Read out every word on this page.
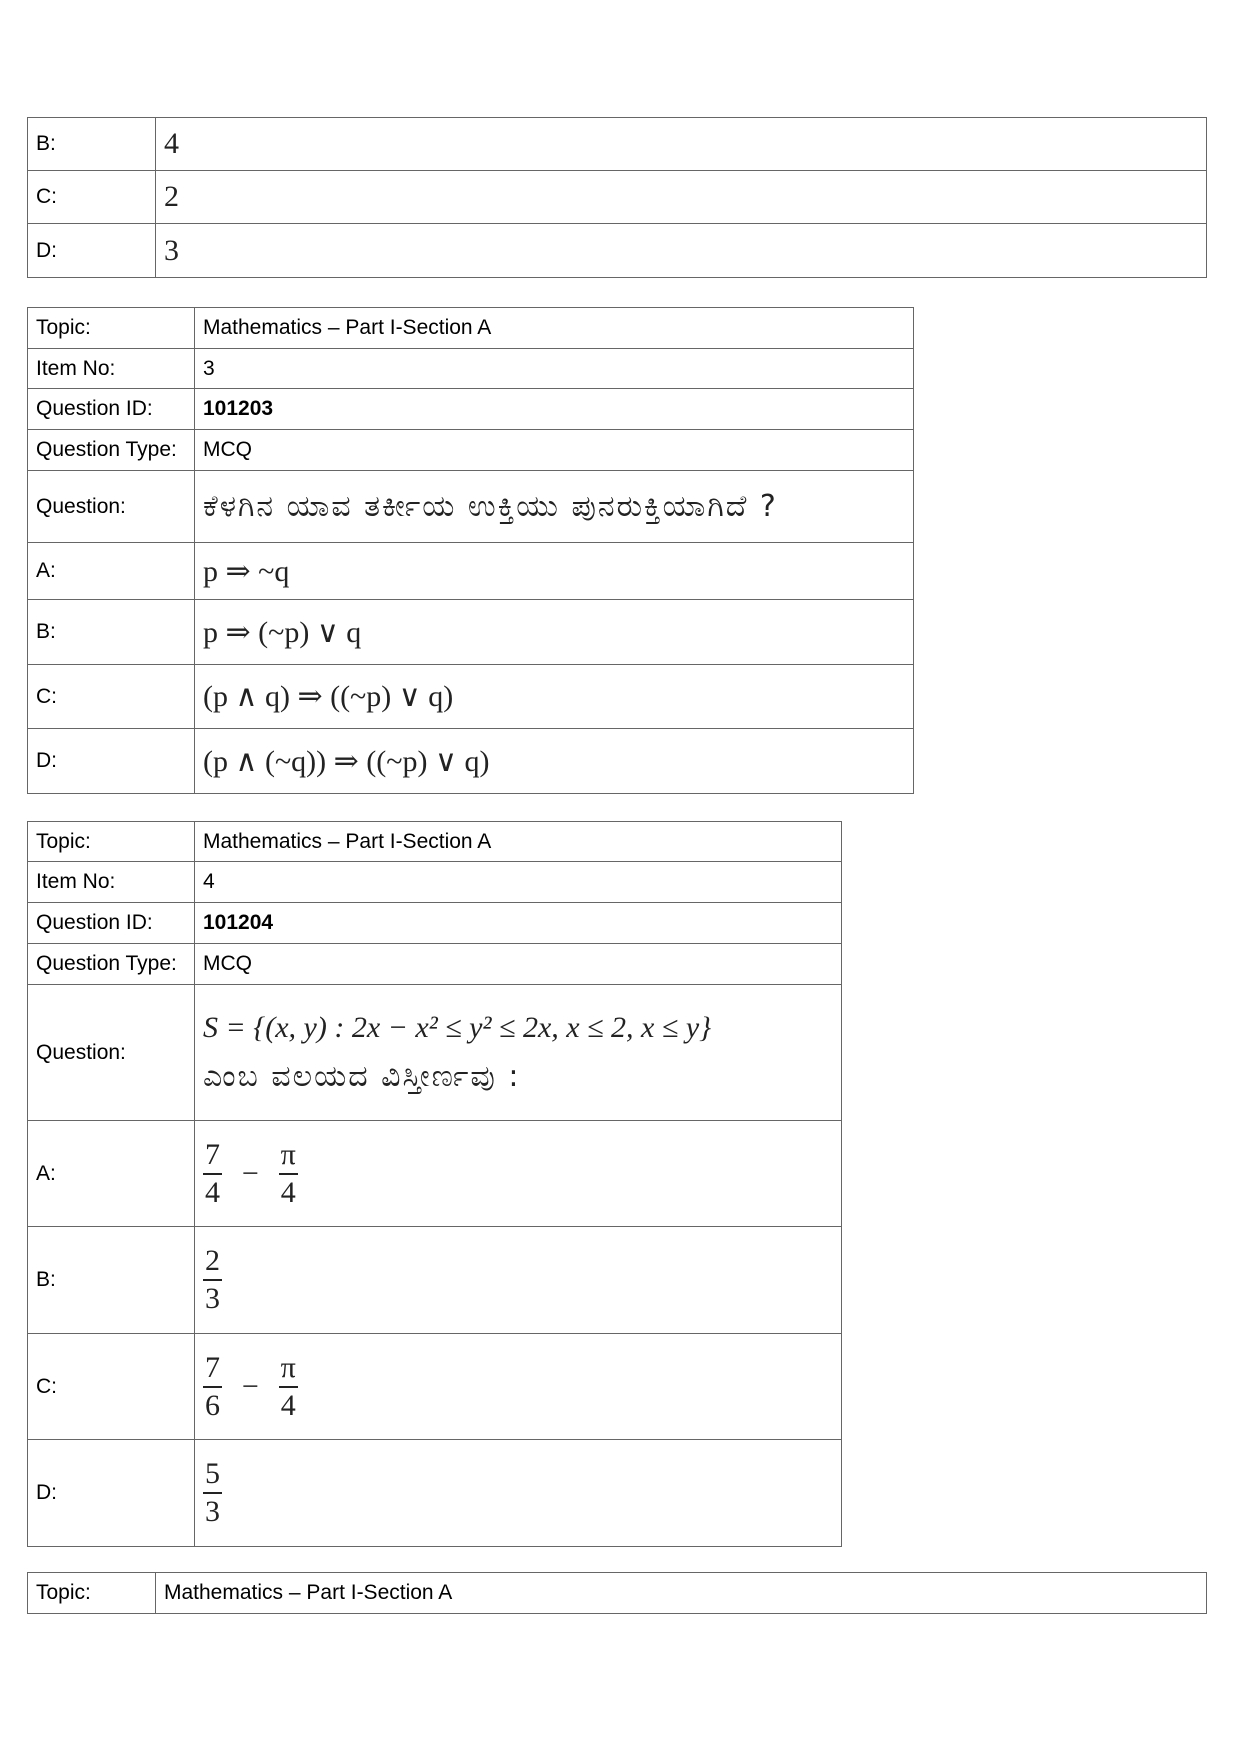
B:	4
C:	2
D:	3
Topic:	Mathematics – Part I-Section A
Item No:	3
Question ID:	101203
Question Type:	MCQ
Question:	ಕೆಳಗಿನ ಯಾವ ತರ್ಕೀಯ ಉಕ್ತಿಯು ಪುನರುಕ್ತಿಯಾಗಿದೆ ?
A:	p ⇒ ~q
B:	p ⇒ (~p) ∨ q
C:	(p ∧ q) ⇒ ((~p) ∨ q)
D:	(p ∧ (~q)) ⇒ ((~p) ∨ q)
Topic:	Mathematics – Part I-Section A
Item No:	4
Question ID:	101204
Question Type:	MCQ
Question:	S = {(x, y) : 2x − x² ≤ y² ≤ 2x, x ≤ 2, x ≤ y}
ಎಂಬ ವಲಯದ ವಿಸ್ತೀರ್ಣವು :

A:	$\frac{7}{4} - \frac{\pi}{4}$

B:	$\frac{2}{3}$

C:	$\frac{7}{6} - \frac{\pi}{4}$

D:	$\frac{5}{3}$
Topic:	Mathematics – Part I-Section A
